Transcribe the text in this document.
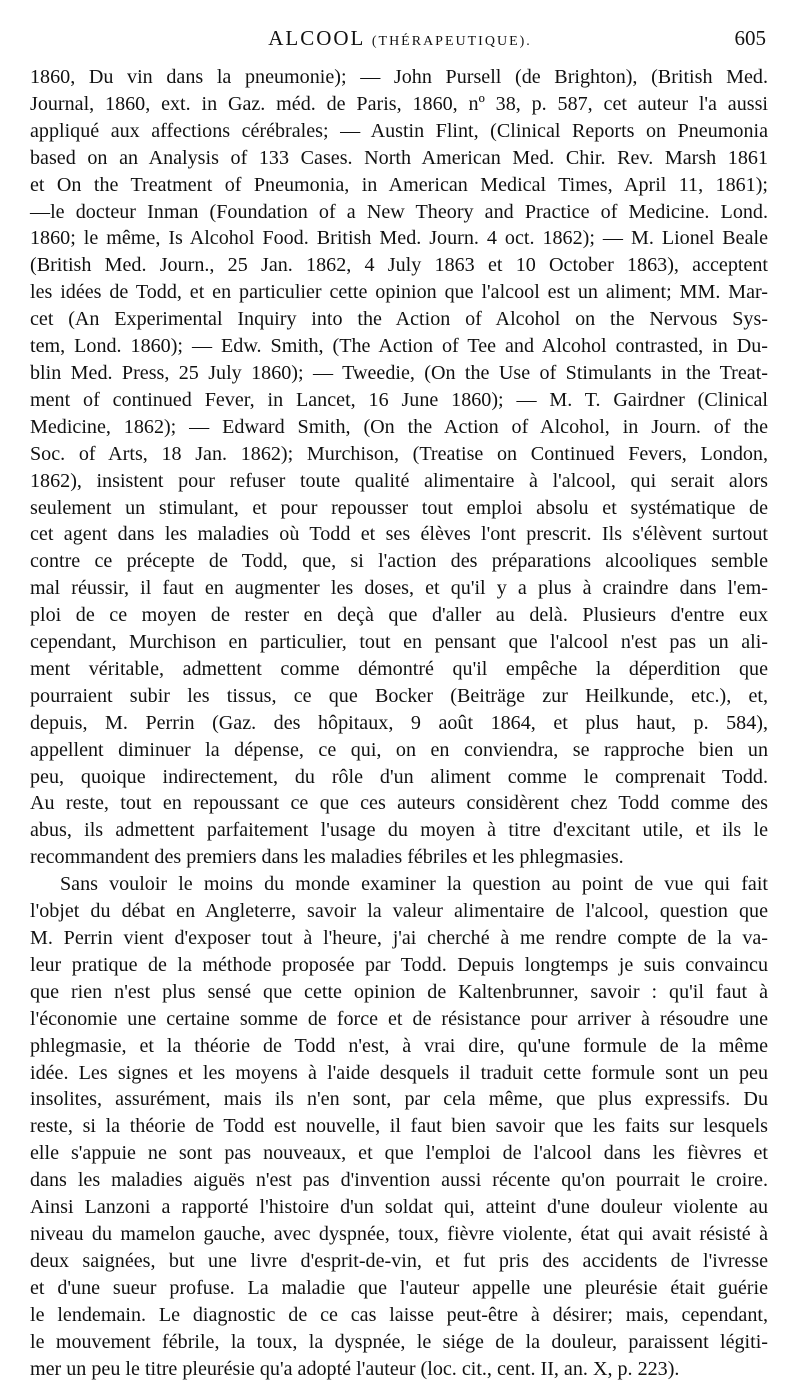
ALCOOL (THÉRAPEUTIQUE).	605

1860, Du vin dans la pneumonie); — John Pursell (de Brighton), (British Med.

Journal, 1860, ext. in Gaz. méd. de Paris, 1860, nº 38, p. 587, cet auteur l'a aussi

appliqué aux affections cérébrales; — Austin Flint, (Clinical Reports on Pneumonia

based on an Analysis of 133 Cases. North American Med. Chir. Rev. Marsh 1861

et On the Treatment of Pneumonia, in American Medical Times, April 11, 1861);

—le docteur Inman (Foundation of a New Theory and Practice of Medicine. Lond.

1860; le même, Is Alcohol Food. British Med. Journ. 4 oct. 1862); — M. Lionel Beale

(British Med. Journ., 25 Jan. 1862, 4 July 1863 et 10 October 1863), acceptent

les idées de Todd, et en particulier cette opinion que l'alcool est un aliment; MM. Mar-

cet (An Experimental Inquiry into the Action of Alcohol on the Nervous Sys-

tem, Lond. 1860); — Edw. Smith, (The Action of Tee and Alcohol contrasted, in Du-

blin Med. Press, 25 July 1860); — Tweedie, (On the Use of Stimulants in the Treat-

ment of continued Fever, in Lancet, 16 June 1860); — M. T. Gairdner (Clinical

Medicine, 1862); — Edward Smith, (On the Action of Alcohol, in Journ. of the

Soc. of Arts, 18 Jan. 1862); Murchison, (Treatise on Continued Fevers, London,

1862), insistent pour refuser toute qualité alimentaire à l'alcool, qui serait alors

seulement un stimulant, et pour repousser tout emploi absolu et systématique de

cet agent dans les maladies où Todd et ses élèves l'ont prescrit. Ils s'élèvent surtout

contre ce précepte de Todd, que, si l'action des préparations alcooliques semble

mal réussir, il faut en augmenter les doses, et qu'il y a plus à craindre dans l'em-

ploi de ce moyen de rester en deçà que d'aller au delà. Plusieurs d'entre eux

cependant, Murchison en particulier, tout en pensant que l'alcool n'est pas un ali-

ment véritable, admettent comme démontré qu'il empêche la déperdition que

pourraient subir les tissus, ce que Bocker (Beiträge zur Heilkunde, etc.), et,

depuis, M. Perrin (Gaz. des hôpitaux, 9 août 1864, et plus haut, p. 584),

appellent diminuer la dépense, ce qui, on en conviendra, se rapproche bien un

peu, quoique indirectement, du rôle d'un aliment comme le comprenait Todd.

Au reste, tout en repoussant ce que ces auteurs considèrent chez Todd comme des

abus, ils admettent parfaitement l'usage du moyen à titre d'excitant utile, et ils le

recommandent des premiers dans les maladies fébriles et les phlegmasies.

Sans vouloir le moins du monde examiner la question au point de vue qui fait

l'objet du débat en Angleterre, savoir la valeur alimentaire de l'alcool, question que

M. Perrin vient d'exposer tout à l'heure, j'ai cherché à me rendre compte de la va-

leur pratique de la méthode proposée par Todd. Depuis longtemps je suis convaincu

que rien n'est plus sensé que cette opinion de Kaltenbrunner, savoir : qu'il faut à

l'économie une certaine somme de force et de résistance pour arriver à résoudre une

phlegmasie, et la théorie de Todd n'est, à vrai dire, qu'une formule de la même

idée. Les signes et les moyens à l'aide desquels il traduit cette formule sont un peu

insolites, assurément, mais ils n'en sont, par cela même, que plus expressifs. Du

reste, si la théorie de Todd est nouvelle, il faut bien savoir que les faits sur lesquels

elle s'appuie ne sont pas nouveaux, et que l'emploi de l'alcool dans les fièvres et

dans les maladies aiguës n'est pas d'invention aussi récente qu'on pourrait le croire.

Ainsi Lanzoni a rapporté l'histoire d'un soldat qui, atteint d'une douleur violente au

niveau du mamelon gauche, avec dyspnée, toux, fièvre violente, état qui avait résisté à

deux saignées, but une livre d'esprit-de-vin, et fut pris des accidents de l'ivresse

et d'une sueur profuse. La maladie que l'auteur appelle une pleurésie était guérie

le lendemain. Le diagnostic de ce cas laisse peut-être à désirer; mais, cependant,

le mouvement fébrile, la toux, la dyspnée, le siége de la douleur, paraissent légiti-

mer un peu le titre pleurésie qu'a adopté l'auteur (loc. cit., cent. II, an. X, p. 223).
